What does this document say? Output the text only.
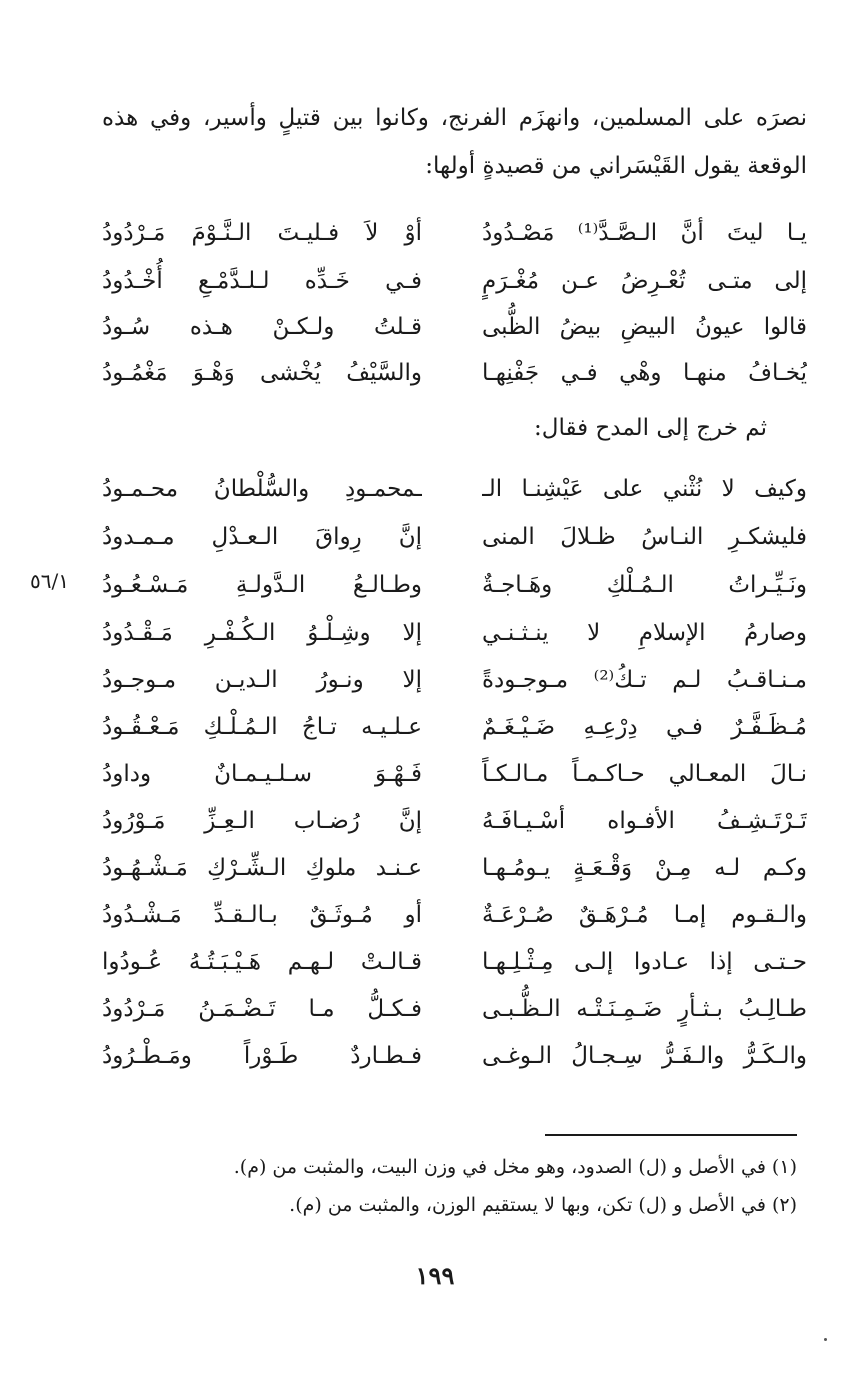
نصرَه على المسلمين، وانهزَم الفرنج، وكانوا بين قتيلٍ وأسير، وفي هذه
الوقعة يقول القَيْسَراني من قصيدةٍ أولها:
يـا ليتَ أنَّ الـصَّـدَّ⁽¹⁾ مَصْـدُودُ
أوْ لاَ فـليـتَ الـنَّـوْمَ مَـرْدُودُ
إلى متـى تُعْـرِضُ عـن مُغْـرَمٍ
فـي خَـدِّه لـلـدَّمْـعِ أُخْـدُودُ
قالوا عيونُ البيضِ بيضُ الظُّبى
قـلتُ ولـكـنْ هـذه سُـودُ
يُخـافُ منهـا وهْي فـي جَفْنِهـا
والسَّيْفُ يُخْشى وَهْـوَ مَغْمُـودُ
ثم خرج إلى المدح فقال:
وكيف لا نُثْني على عَيْشِنـا الـ
ـمحمـودِ والسُّلْطانُ محـمـودُ
فليشكـرِ النـاسُ ظـلالَ المنى
إنَّ رِواقَ الـعـدْلِ مـمـدودُ
ونَـيِّـراتُ الـمُـلْكِ وهَـاجـةٌ
وطـالـعُ الـدَّولـةِ مَـسْـعُـودُ
وصارمُ الإسلامِ لا ينـثـنـي
إلا وشِـلْـوُ الـكُـفْـرِ مَـقْـدُودُ
مـنـاقـبُ لـم تـكُ⁽²⁾ مـوجـودةً
إلا ونـورُ الـديـن مـوجـودُ
مُـظَـفَّـرٌ فـي دِرْعِـهِ ضَـيْـغَـمٌ
عـلـيـه تـاجُ الـمُـلْـكِ مَـعْـقُـودُ
نـالَ المعـالي حـاكـمـاً مـالـكـاً
فَـهْـوَ سـلـيـمـانٌ وداودُ
تَـرْتَـشِـفُ الأفـواه أسْـيـافَـهُ
إنَّ رُضـاب الـعِـزِّ مَـوْرُودُ
وكـم لـه مِـنْ وَقْـعَـةٍ يـومُـهـا
عـنـد ملوكِ الـشِّـرْكِ مَـشْـهُـودُ
والـقـوم إمـا مُـرْهَـقٌ صُـرْعَـةٌ
أو مُـوثَـقٌ بـالـقـدِّ مَـشْـدُودُ
حـتـى إذا عـادوا إلـى مِـثْـلِـهـا
قـالـتْ لـهـم هَـيْـبَـتُـهُ عُـودُوا
طـالِـبُ بـثـأرٍ ضَـمِـنَـتْـه الـظُّـبـى
فـكـلُّ مـا تَـضْـمَـنُ مَـرْدُودُ
والـكَـرُّ والـفَـرُّ سِـجـالُ الـوغـى
فـطـاردٌ طَـوْراً ومَـطْـرُودُ
٥٦/١
(١) في الأصل و (ل) الصدود، وهو مخل في وزن البيت، والمثبت من (م).
(٢) في الأصل و (ل) تكن، وبها لا يستقيم الوزن، والمثبت من (م).
١٩٩
